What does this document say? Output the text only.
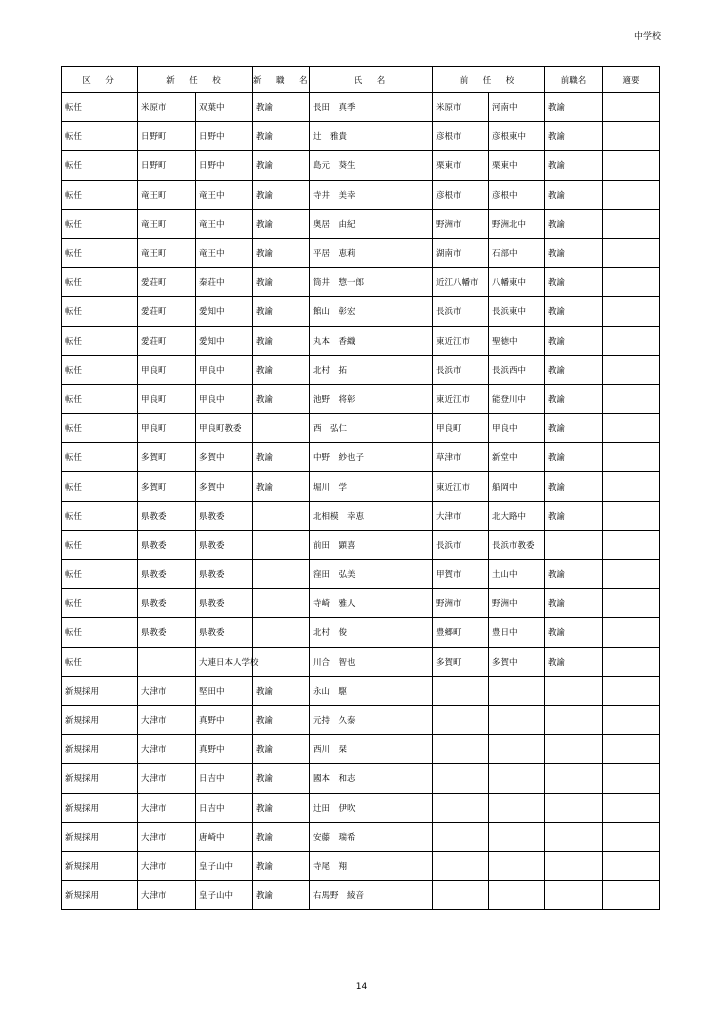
中学校
区　分	新　任　校		新　職　名	氏　名	前　任　校		前職名	適要
転任	米原市	双葉中	教諭	長田　真季	米原市	河南中	教諭	
転任	日野町	日野中	教諭	辻　雅貴	彦根市	彦根東中	教諭	
転任	日野町	日野中	教諭	島元　葵生	栗東市	栗東中	教諭	
転任	竜王町	竜王中	教諭	寺井　美幸	彦根市	彦根中	教諭	
転任	竜王町	竜王中	教諭	奥居　由紀	野洲市	野洲北中	教諭	
転任	竜王町	竜王中	教諭	平居　恵莉	湖南市	石部中	教諭	
転任	愛荘町	秦荘中	教諭	筒井　惣一郎	近江八幡市	八幡東中	教諭	
転任	愛荘町	愛知中	教諭	館山　彰宏	長浜市	長浜東中	教諭	
転任	愛荘町	愛知中	教諭	丸本　香織	東近江市	聖徳中	教諭	
転任	甲良町	甲良中	教諭	北村　拓	長浜市	長浜西中	教諭	
転任	甲良町	甲良中	教諭	池野　将彰	東近江市	能登川中	教諭	
転任	甲良町	甲良町教委		西　弘仁	甲良町	甲良中	教諭	
転任	多賀町	多賀中	教諭	中野　紗也子	草津市	新堂中	教諭	
転任	多賀町	多賀中	教諭	堀川　学	東近江市	船岡中	教諭	
転任	県教委	県教委		北相模　幸恵	大津市	北大路中	教諭	
転任	県教委	県教委		前田　顕喜	長浜市	長浜市教委		
転任	県教委	県教委		窪田　弘美	甲賀市	土山中	教諭	
転任	県教委	県教委		寺崎　雅人	野洲市	野洲中	教諭	
転任	県教委	県教委		北村　俊	豊郷町	豊日中	教諭	
転任		大連日本人学校		川合　智也	多賀町	多賀中	教諭	
新規採用	大津市	堅田中	教諭	永山　駆				
新規採用	大津市	真野中	教諭	元持　久泰				
新規採用	大津市	真野中	教諭	西川　栞				
新規採用	大津市	日吉中	教諭	國本　和志				
新規採用	大津市	日吉中	教諭	辻田　伊吹				
新規採用	大津市	唐崎中	教諭	安藤　瑞希				
新規採用	大津市	皇子山中	教諭	寺尾　翔				
新規採用	大津市	皇子山中	教諭	右馬野　綾音				
14
